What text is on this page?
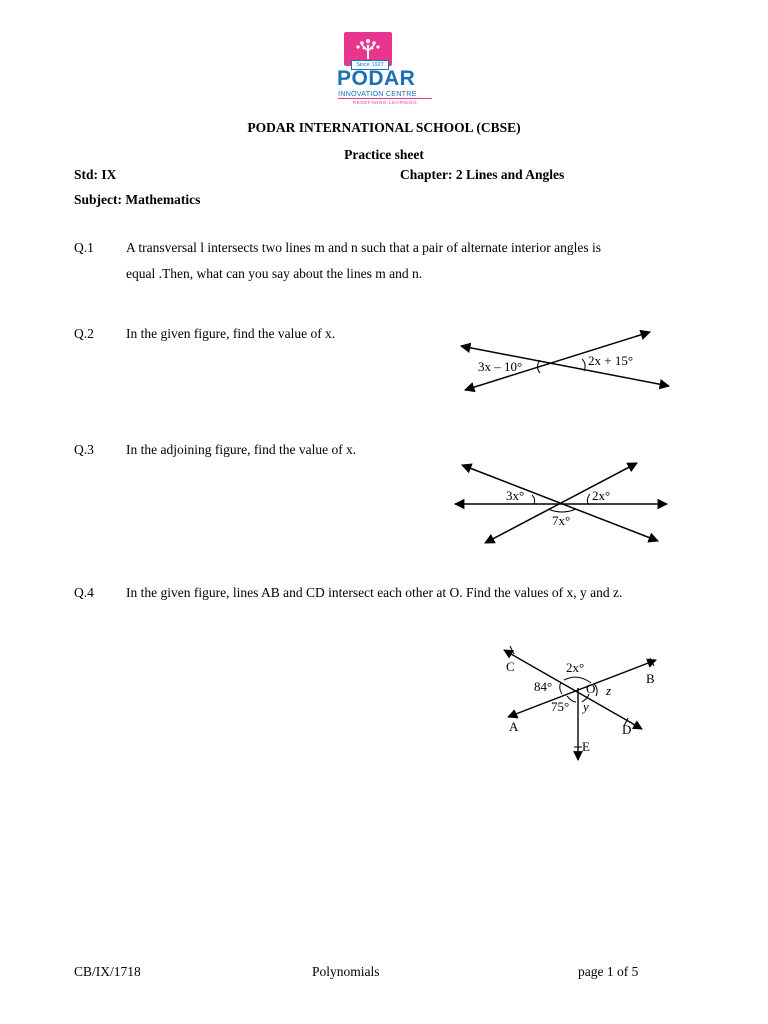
Since 1927
PODAR
INNOVATION CENTRE
REDEFINING LEARNING
PODAR INTERNATIONAL SCHOOL (CBSE)
Practice sheet
Std: IX	Chapter: 2 Lines and Angles
Subject: Mathematics
Q.1 A transversal l intersects two lines m and n such that a pair of alternate interior angles is
equal .Then, what can you say about the lines m and n.
Q.2 In the given figure, find the value of x.
3x – 10°	2x + 15°
Q.3 In the adjoining figure, find the value of x.
3x°	2x°
7x°
Q.4 In the given figure, lines AB and CD intersect each other at O. Find the values of x, y and z.
C
B
A	D
E
O
2x°
84°
75° y
z
CB/IX/1718	Polynomials	page 1 of 5
